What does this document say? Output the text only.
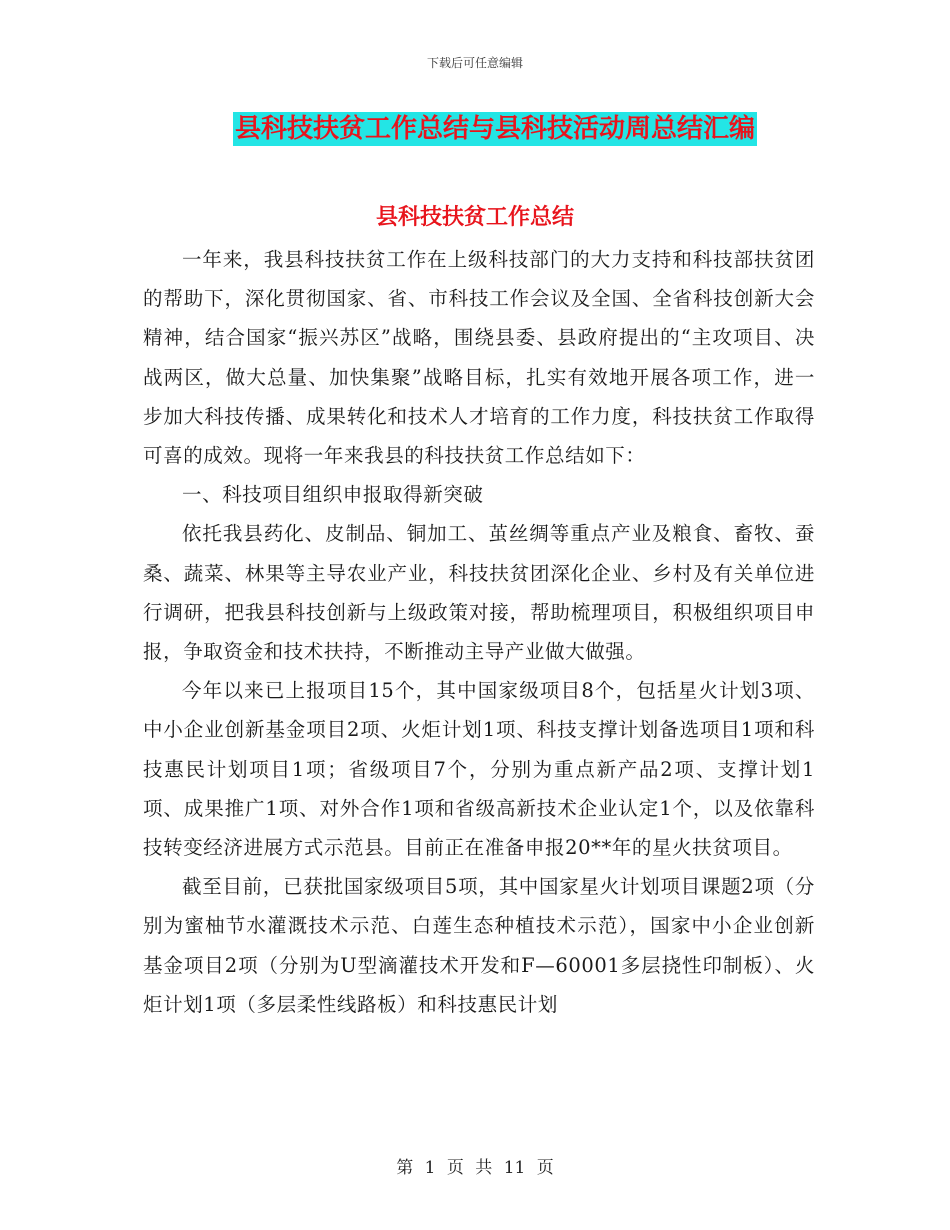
下载后可任意编辑
县科技扶贫工作总结与县科技活动周总结汇编
县科技扶贫工作总结

一年来，我县科技扶贫工作在上级科技部门的大力支持和科技部扶贫团的帮助下，深化贯彻国家、省、市科技工作会议及全国、全省科技创新大会精神，结合国家“振兴苏区”战略，围绕县委、县政府提出的“主攻项目、决战两区，做大总量、加快集聚”战略目标，扎实有效地开展各项工作，进一步加大科技传播、成果转化和技术人才培育的工作力度，科技扶贫工作取得可喜的成效。现将一年来我县的科技扶贫工作总结如下：

一、科技项目组织申报取得新突破

依托我县药化、皮制品、铜加工、茧丝绸等重点产业及粮食、畜牧、蚕桑、蔬菜、林果等主导农业产业，科技扶贫团深化企业、乡村及有关单位进行调研，把我县科技创新与上级政策对接，帮助梳理项目，积极组织项目申报，争取资金和技术扶持，不断推动主导产业做大做强。

今年以来已上报项目15个，其中国家级项目8个，包括星火计划3项、中小企业创新基金项目2项、火炬计划1项、科技支撑计划备选项目1项和科技惠民计划项目1项；省级项目7个，分别为重点新产品2项、支撑计划1项、成果推广1项、对外合作1项和省级高新技术企业认定1个，以及依靠科技转变经济进展方式示范县。目前正在准备申报20**年的星火扶贫项目。

截至目前，已获批国家级项目5项，其中国家星火计划项目课题2项（分别为蜜柚节水灌溉技术示范、白莲生态种植技术示范），国家中小企业创新基金项目2项（分别为U型滴灌技术开发和F—60001多层挠性印制板）、火炬计划1项（多层柔性线路板）和科技惠民计划

第 1 页 共 11 页
